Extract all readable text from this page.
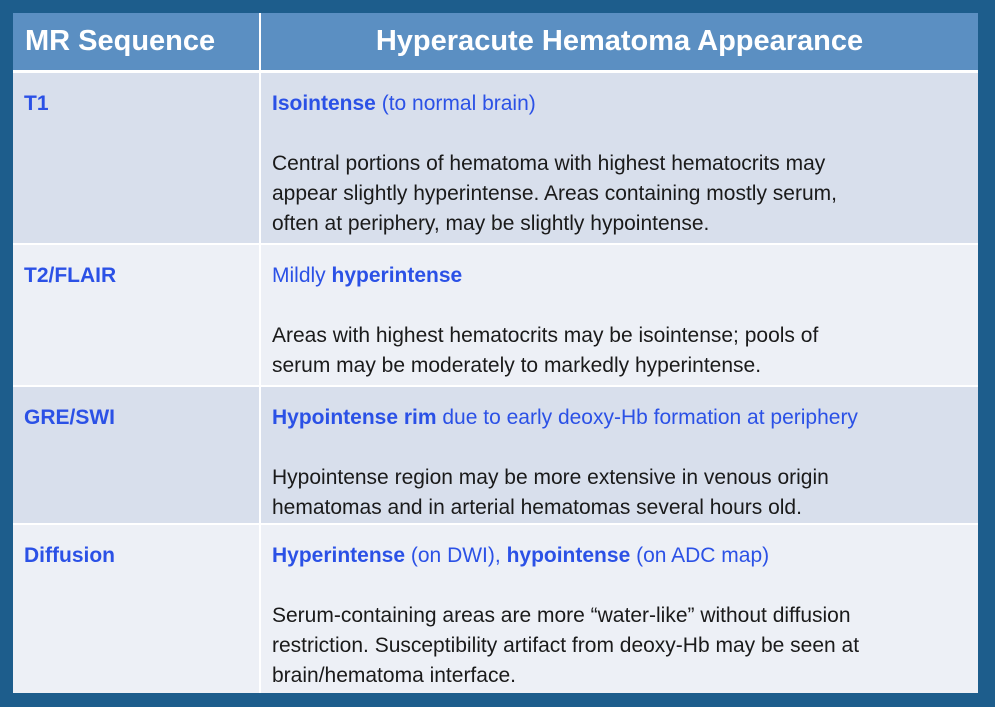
MR Sequence	Hyperacute Hematoma Appearance
T1	Isointense (to normal brain)
Central portions of hematoma with highest hematocrits may
appear slightly hyperintense. Areas containing mostly serum,
often at periphery, may be slightly hypointense.

T2/FLAIR	Mildly hyperintense
Areas with highest hematocrits may be isointense; pools of
serum may be moderately to markedly hyperintense.

GRE/SWI	Hypointense rim due to early deoxy-Hb formation at periphery
Hypointense region may be more extensive in venous origin
hematomas and in arterial hematomas several hours old.

Diffusion	Hyperintense (on DWI), hypointense (on ADC map)
Serum-containing areas are more “water-like” without diffusion
restriction. Susceptibility artifact from deoxy-Hb may be seen at
brain/hematoma interface.
